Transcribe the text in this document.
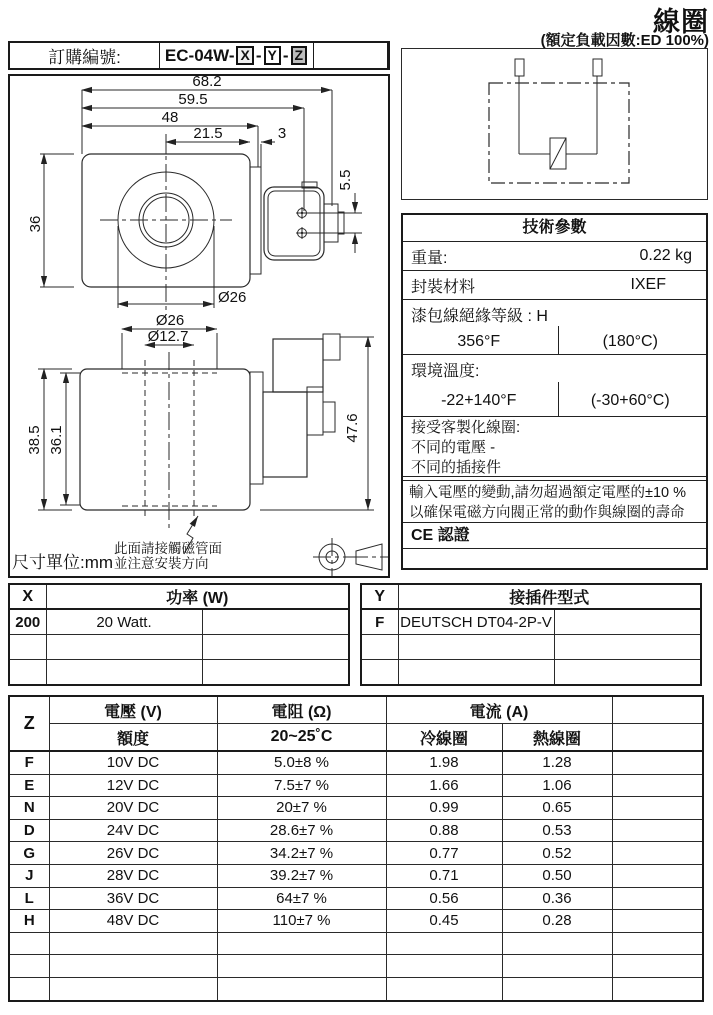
線圈
(額定負載因數:ED 100%)
訂購編號:	EC-04W- X - Y - Z
68.2
59.5
48
21.5	3
36
5.5
Ø26
Ø26
Ø12.7
38.5 36.1	47.6
尺寸單位:mm
此面請接觸磁管面
並注意安裝方向
技術參數
重量:	0.22 kg
封裝材料	IXEF
漆包線絕緣等級 : H
356°F	(180°C)
環境溫度:
-22+140°F	(-30+60°C)
接受客製化線圈:
不同的電壓 -
不同的插接件
輸入電壓的變動,請勿超過額定電壓的±10 %
以確保電磁方向閥正常的動作與線圈的壽命
CE 認證
X	功率 (W)	
200	20 Watt.	

Y	接插件型式	
F	DEUTSCH DT04-2P-V	

Z	電壓 (V)	電阻 (Ω)	電流 (A)		
	額度	20~25˚C	冷線圈	熱線圈	
F	10V DC	5.0±8 %	1.98	1.28	
E	12V DC	7.5±7 %	1.66	1.06	
N	20V DC	20±7 %	0.99	0.65	
D	24V DC	28.6±7 %	0.88	0.53	
G	26V DC	34.2±7 %	0.77	0.52	
J	28V DC	39.2±7 %	0.71	0.50	
L	36V DC	64±7 %	0.56	0.36	
H	48V DC	110±7 %	0.45	0.28	
